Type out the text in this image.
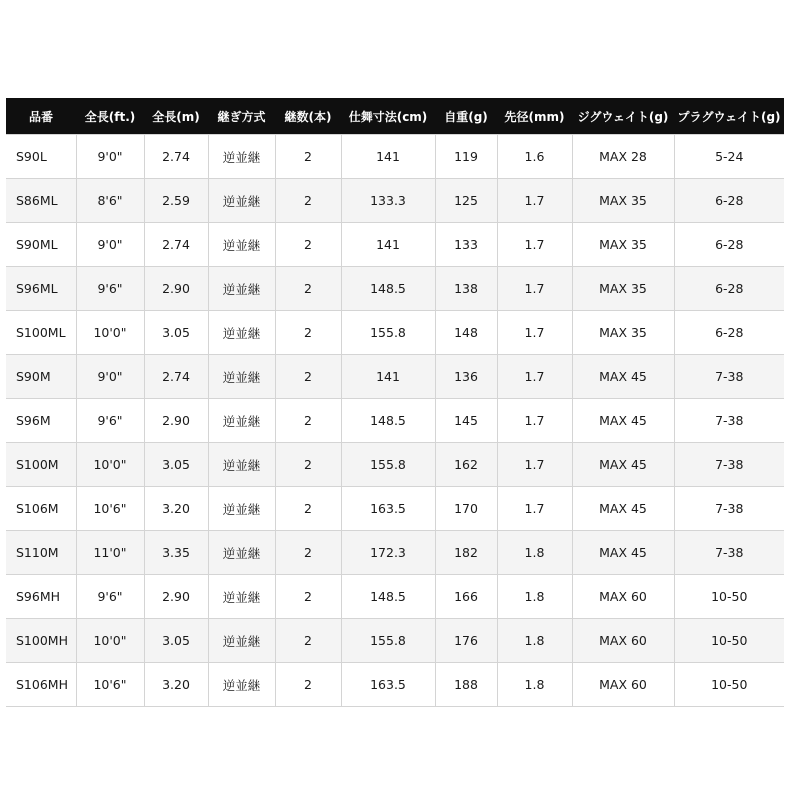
品番	全長(ft.)	全長(m)	継ぎ方式	継数(本)	仕舞寸法(cm)	自重(g)	先径(mm)	ジグウェイト(g)	プラグウェイト(g)
S90L	9'0"	2.74	逆並継	2	141	119	1.6	MAX 28	5-24
S86ML	8'6"	2.59	逆並継	2	133.3	125	1.7	MAX 35	6-28
S90ML	9'0"	2.74	逆並継	2	141	133	1.7	MAX 35	6-28
S96ML	9'6"	2.90	逆並継	2	148.5	138	1.7	MAX 35	6-28
S100ML	10'0"	3.05	逆並継	2	155.8	148	1.7	MAX 35	6-28
S90M	9'0"	2.74	逆並継	2	141	136	1.7	MAX 45	7-38
S96M	9'6"	2.90	逆並継	2	148.5	145	1.7	MAX 45	7-38
S100M	10'0"	3.05	逆並継	2	155.8	162	1.7	MAX 45	7-38
S106M	10'6"	3.20	逆並継	2	163.5	170	1.7	MAX 45	7-38
S110M	11'0"	3.35	逆並継	2	172.3	182	1.8	MAX 45	7-38
S96MH	9'6"	2.90	逆並継	2	148.5	166	1.8	MAX 60	10-50
S100MH	10'0"	3.05	逆並継	2	155.8	176	1.8	MAX 60	10-50
S106MH	10'6"	3.20	逆並継	2	163.5	188	1.8	MAX 60	10-50
